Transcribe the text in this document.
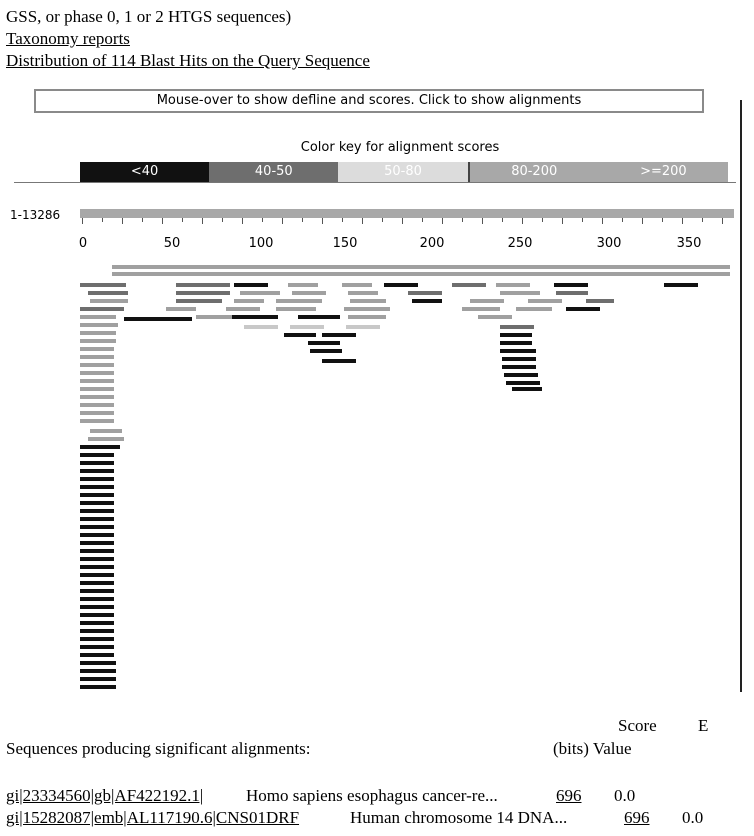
GSS, or phase 0, 1 or 2 HTGS sequences)
Taxonomy reports
Distribution of 114 Blast Hits on the Query Sequence
Mouse-over to show defline and scores. Click to show alignments
Color key for alignment scores
<40	40-50	50-80	80-200	>=200
1-13286
0	50	100	150	200	250	300	350
Score E
Sequences producing significant alignments:	(bits) Value
gi|23334560|gb|AF422192.1|	Homo sapiens esophagus cancer-re...	696 0.0
gi|15282087|emb|AL117190.6|CNS01DRF	Human chromosome 14 DNA...	696 0.0
